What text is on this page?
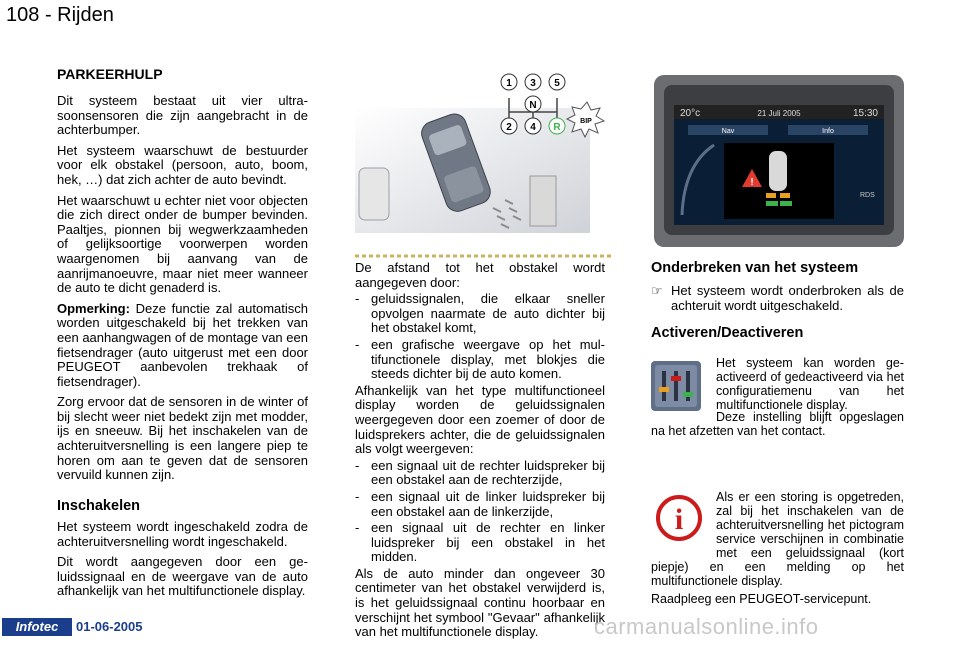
108 - Rijden
PARKEERHULP

Dit systeem bestaat uit vier ultrasoonsensoren die zijn aangebracht in de achterbumper.

Het systeem waarschuwt de bestuurder voor elk obstakel (persoon, auto, boom, hek, …) dat zich achter de auto bevindt.

Het waarschuwt u echter niet voor objecten die zich direct onder de bumper bevinden. Paaltjes, pionnen bij wegwerkzaamheden of gelijksoortige voorwerpen worden waargenomen bij aanvang van de aanrijmanoeuvre, maar niet meer wanneer de auto te dicht genaderd is.

Opmerking: Deze functie zal automatisch worden uitgeschakeld bij het trekken van een aanhangwagen of de montage van een fietsendrager (auto uitgerust met een door PEUGEOT aanbevolen trekhaak of fietsendrager).

Zorg ervoor dat de sensoren in de winter of bij slecht weer niet bedekt zijn met modder, ijs en sneeuw. Bij het inschakelen van de achteruitversnelling is een langere piep te horen om aan te geven dat de sensoren vervuild kunnen zijn.

Inschakelen

Het systeem wordt ingeschakeld zodra de achteruitversnelling wordt ingeschakeld.

Dit wordt aangegeven door een geluidssignaal en de weergave van de auto afhankelijk van het multifunctionele display.

1 3 5
N
2 4 R
BIP

De afstand tot het obstakel wordt aangegeven door:

- geluidssignalen, die elkaar sneller opvolgen naarmate de auto dichter bij het obstakel komt,
- een grafische weergave op het multifunctionele display, met blokjes die steeds dichter bij de auto komen.

Afhankelijk van het type multifunctioneel display worden de geluidssignalen weergegeven door een zoemer of door de luidsprekers achter, die de geluidssignalen als volgt weergeven:

- een signaal uit de rechter luidspreker bij een obstakel aan de rechterzijde,
- een signaal uit de linker luidspreker bij een obstakel aan de linkerzijde,
- een signaal uit de rechter en linker luidspreker bij een obstakel in het midden.

Als de auto minder dan ongeveer 30 centimeter van het obstakel verwijderd is, is het geluidssignaal continu hoorbaar en verschijnt het symbool "Gevaar" afhankelijk van het multifunctionele display.

20°c	21 Juli 2005	15:30
Nav	Info
!
RDS
Onderbreken van het systeem
☞ Het systeem wordt onderbroken als de achteruit wordt uitgeschakeld.
Activeren/Deactiveren

Het systeem kan worden geactiveerd of gedeactiveerd via het configuratiemenu van het multifunctionele display.

Deze instelling blijft opgeslagen na het afzetten van het contact.

i

Als er een storing is opgetreden, zal bij het inschakelen van de achteruitversnelling het pictogram service verschijnen in combinatie met een geluidssignaal (kort piepje) en een melding op het multifunctionele display.

Raadpleeg een PEUGEOT-servicepunt.

Infotec	01-06-2005	carmanualsonline.info
